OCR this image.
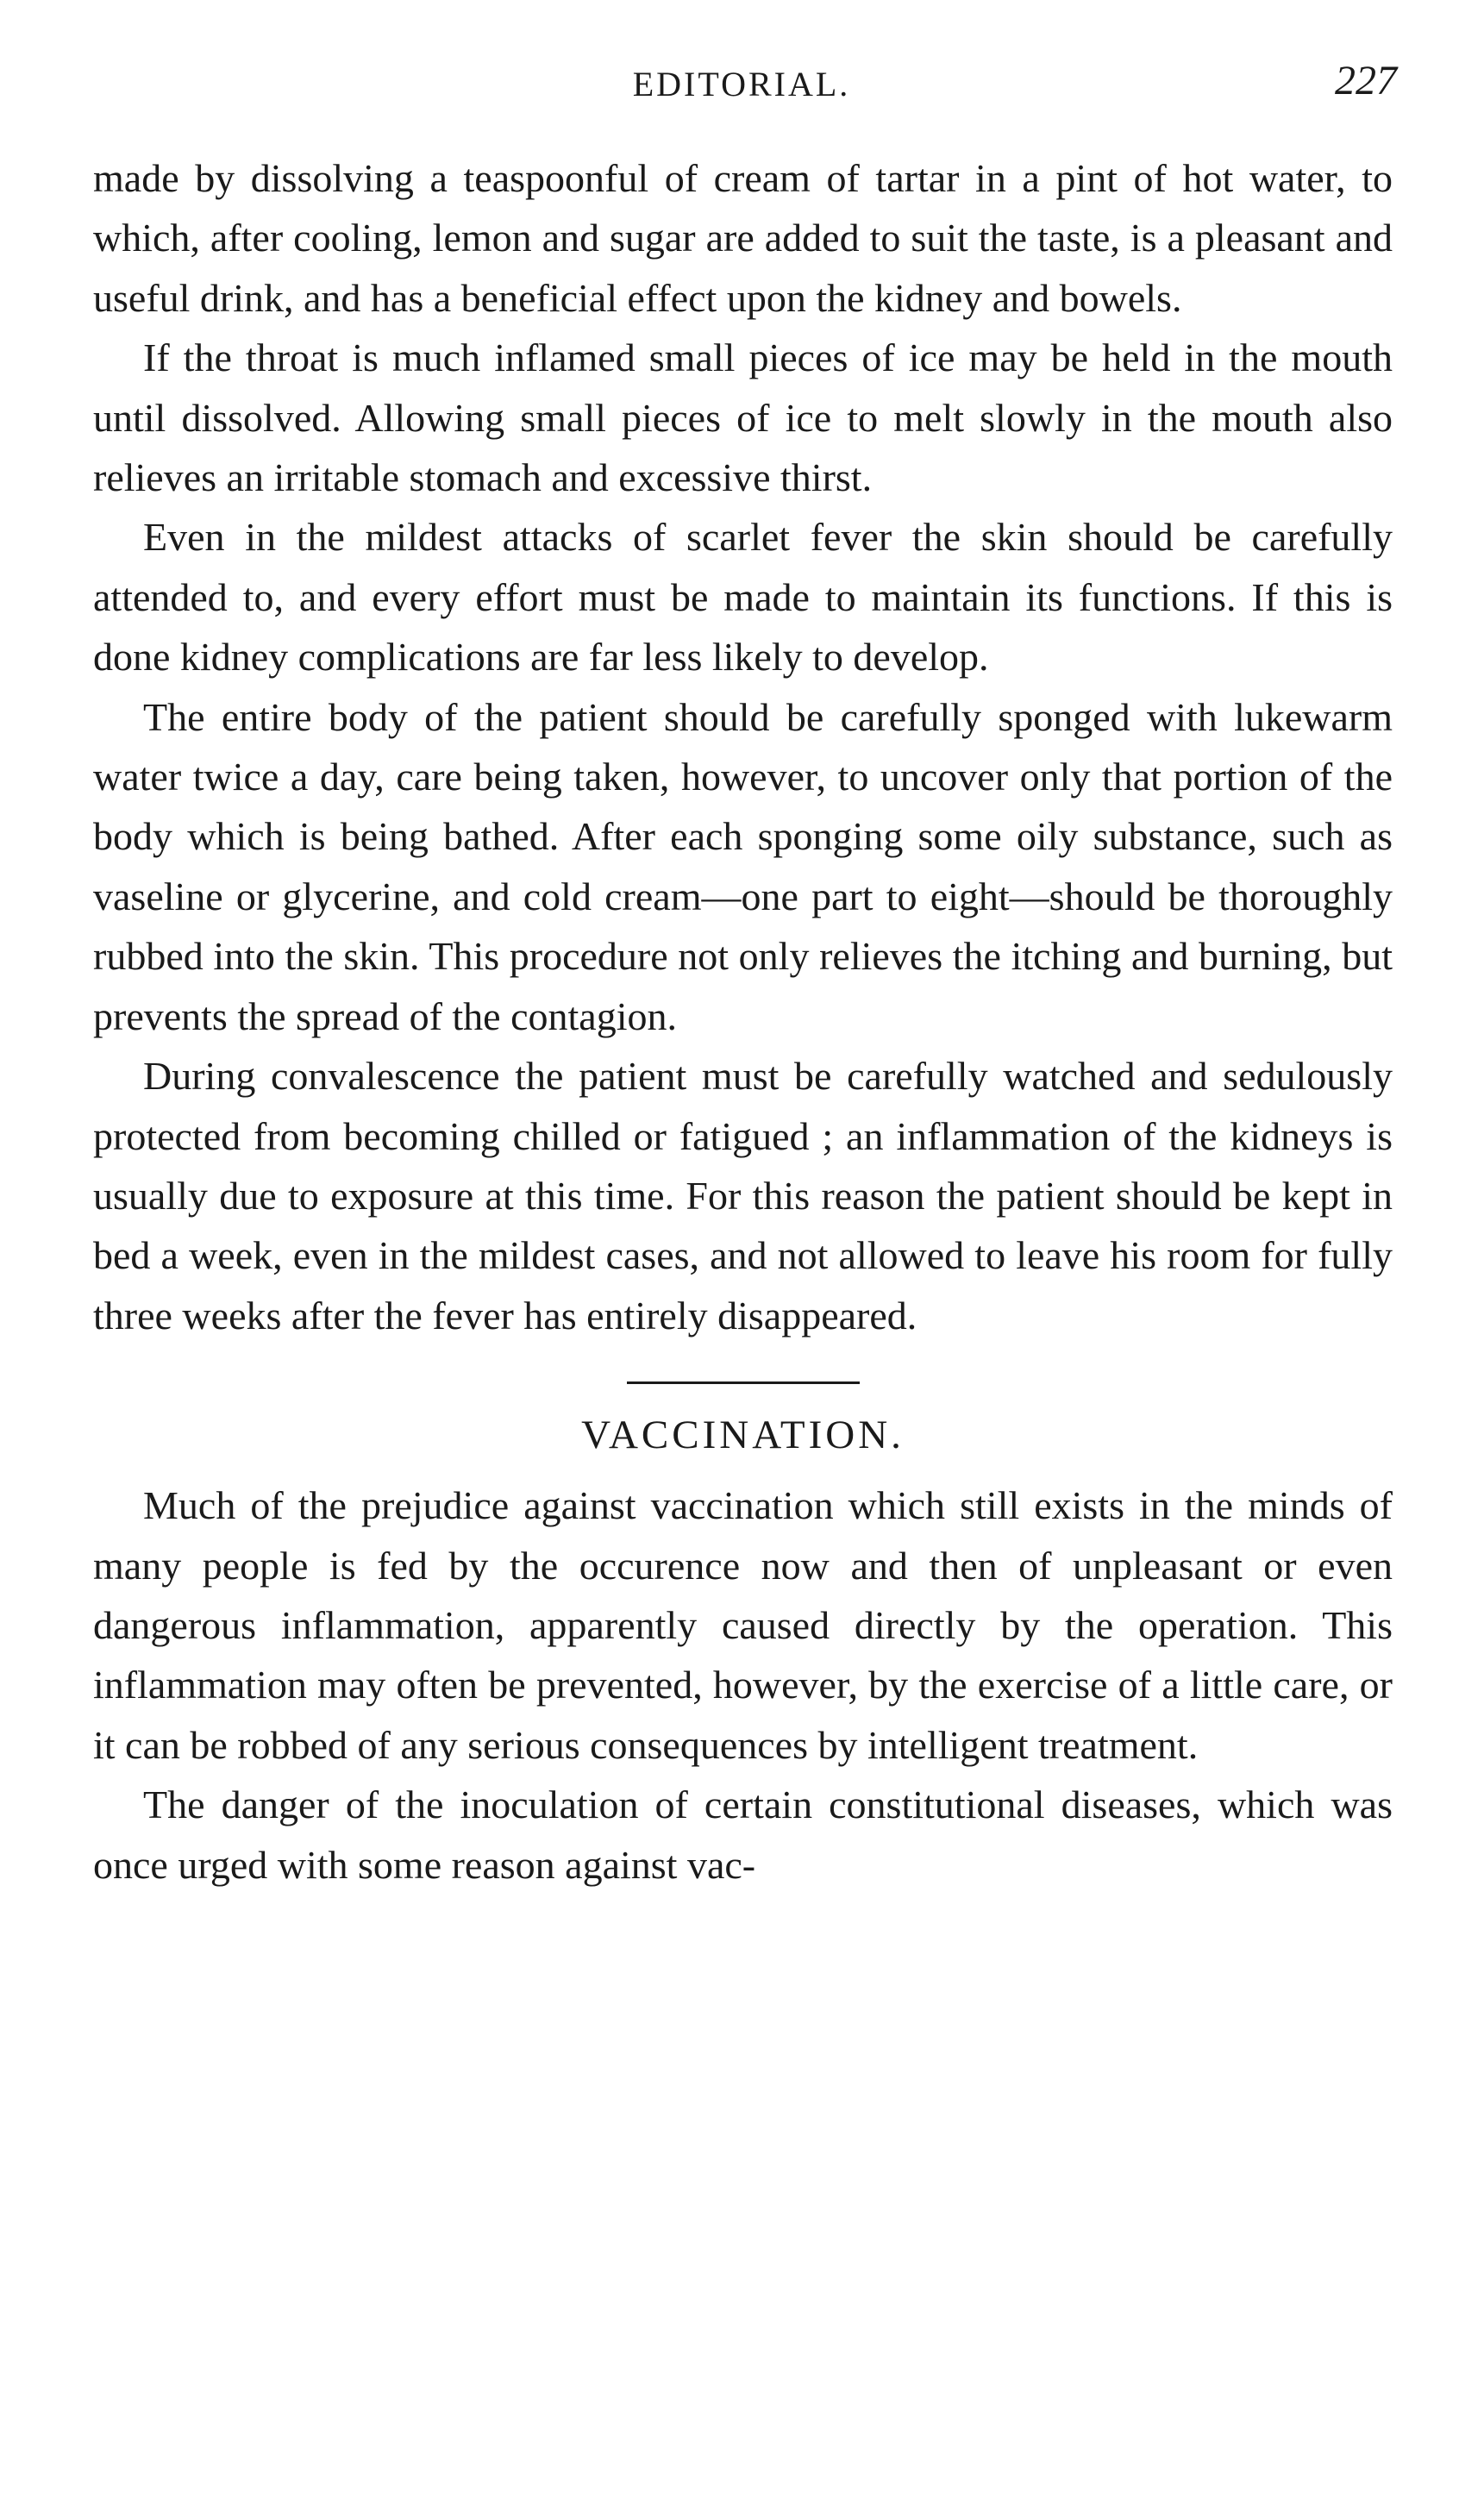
EDITORIAL.	227

made by dissolving a teaspoonful of cream of tartar in a pint of hot water, to which, after cooling, lemon and sugar are added to suit the taste, is a pleasant and useful drink, and has a beneficial effect upon the kidney and bowels.

If the throat is much inflamed small pieces of ice may be held in the mouth until dissolved. Allowing small pieces of ice to melt slowly in the mouth also relieves an irritable stomach and excessive thirst.

Even in the mildest attacks of scarlet fever the skin should be carefully attended to, and every effort must be made to maintain its functions. If this is done kidney complications are far less likely to develop.

The entire body of the patient should be carefully sponged with lukewarm water twice a day, care being taken, however, to uncover only that portion of the body which is being bathed. After each sponging some oily substance, such as vaseline or glycerine, and cold cream—one part to eight—should be thoroughly rubbed into the skin. This procedure not only relieves the itching and burning, but prevents the spread of the contagion.

During convalescence the patient must be carefully watched and sedulously protected from becoming chilled or fatigued ; an inflammation of the kidneys is usually due to exposure at this time. For this reason the patient should be kept in bed a week, even in the mildest cases, and not allowed to leave his room for fully three weeks after the fever has entirely disappeared.

VACCINATION.

Much of the prejudice against vaccination which still exists in the minds of many people is fed by the occurence now and then of unpleasant or even dangerous inflammation, apparently caused directly by the operation. This inflammation may often be prevented, however, by the exercise of a little care, or it can be robbed of any serious consequences by intelligent treatment.

The danger of the inoculation of certain constitutional diseases, which was once urged with some reason against vac-
